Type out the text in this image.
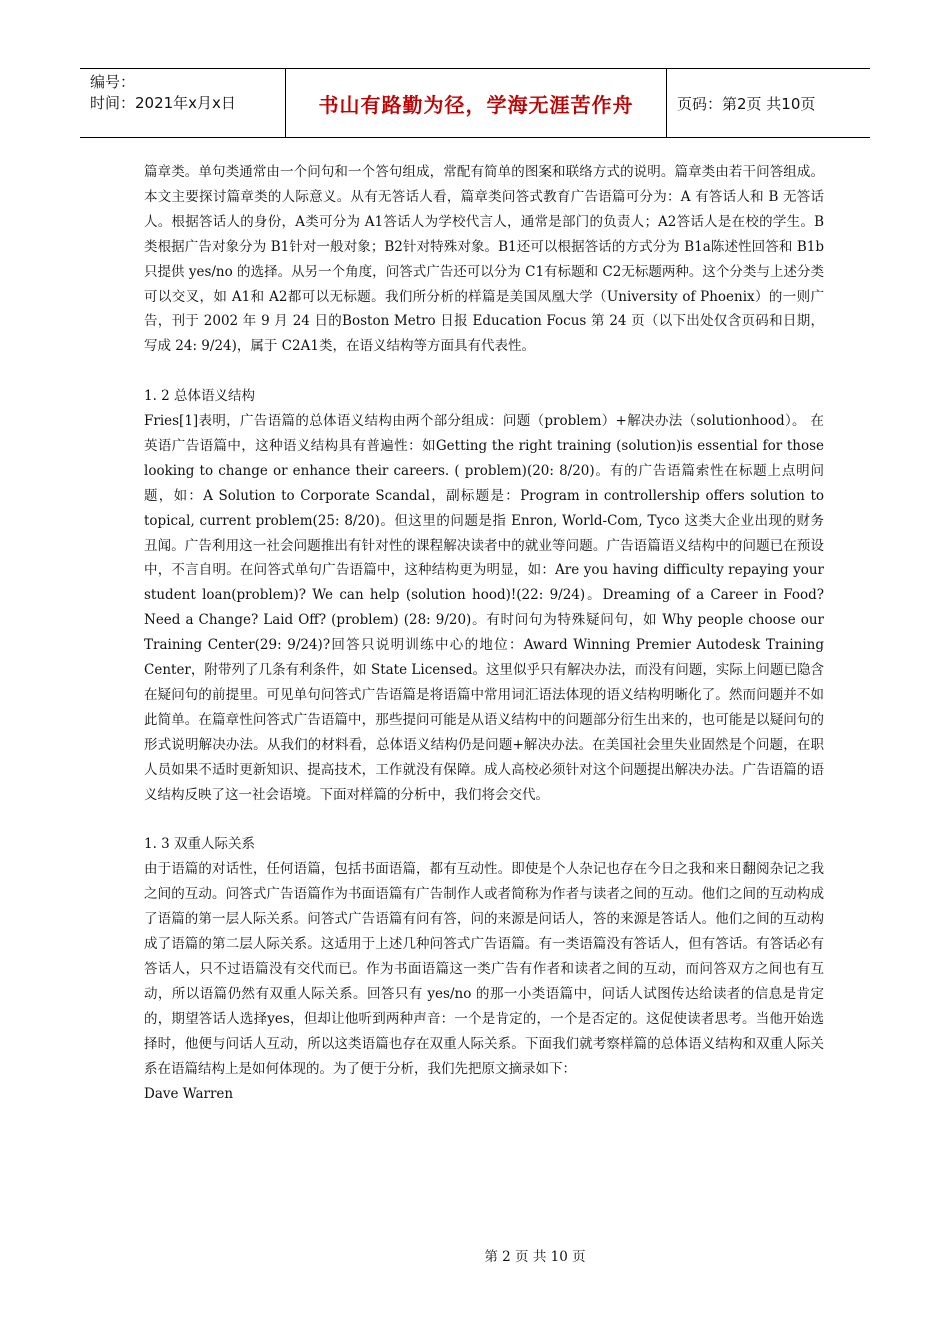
编号：
时间：2021年x月x日	书山有路勤为径，学海无涯苦作舟	页码：第2页 共10页

篇章类。单句类通常由一个问句和一个答句组成，常配有简单的图案和联络方式的说明。篇章类由若干问答组成。本文主要探讨篇章类的人际意义。从有无答话人看，篇章类问答式教育广告语篇可分为：A 有答话人和 B 无答话人。根据答话人的身份，A类可分为 A1答话人为学校代言人，通常是部门的负责人；A2答话人是在校的学生。B 类根据广告对象分为 B1针对一般对象；B2针对特殊对象。B1还可以根据答话的方式分为 B1a陈述性回答和 B1b只提供 yes/no 的选择。从另一个角度，问答式广告还可以分为 C1有标题和 C2无标题两种。这个分类与上述分类可以交叉，如 A1和 A2都可以无标题。我们所分析的样篇是美国凤凰大学（University of Phoenix）的一则广告，刊于 2002 年 9 月 24 日的Boston Metro 日报 Education Focus 第 24 页（以下出处仅含页码和日期，写成 24: 9/24)，属于 C2A1类，在语义结构等方面具有代表性。

1. 2 总体语义结构

Fries[1]表明，广告语篇的总体语义结构由两个部分组成：问题（problem）+解决办法（solutionhood）。 在英语广告语篇中，这种语义结构具有普遍性：如Getting the right training (solution)is essential for those looking to change or enhance their careers. ( problem)(20: 8/20)。有的广告语篇索性在标题上点明问题，如：A Solution to Corporate Scandal，副标题是：Program in controllership offers solution to topical, current problem(25: 8/20)。但这里的问题是指 Enron, World-Com, Tyco 这类大企业出现的财务丑闻。广告利用这一社会问题推出有针对性的课程解决读者中的就业等问题。广告语篇语义结构中的问题已在预设中，不言自明。在问答式单句广告语篇中，这种结构更为明显，如：Are you having difficulty repaying your student loan(problem)? We can help (solution hood)!(22: 9/24)。Dreaming of a Career in Food? Need a Change? Laid Off? (problem) (28: 9/20)。有时问句为特殊疑问句，如 Why people choose our Training Center(29: 9/24)?回答只说明训练中心的地位：Award Winning Premier Autodesk Training Center，附带列了几条有利条件，如 State Licensed。这里似乎只有解决办法，而没有问题，实际上问题已隐含在疑问句的前提里。可见单句问答式广告语篇是将语篇中常用词汇语法体现的语义结构明晰化了。然而问题并不如此简单。在篇章性问答式广告语篇中，那些提问可能是从语义结构中的问题部分衍生出来的，也可能是以疑问句的形式说明解决办法。从我们的材料看，总体语义结构仍是问题+解决办法。在美国社会里失业固然是个问题，在职人员如果不适时更新知识、提高技术，工作就没有保障。成人高校必须针对这个问题提出解决办法。广告语篇的语义结构反映了这一社会语境。下面对样篇的分析中，我们将会交代。

1. 3 双重人际关系

由于语篇的对话性，任何语篇，包括书面语篇，都有互动性。即使是个人杂记也存在今日之我和来日翻阅杂记之我之间的互动。问答式广告语篇作为书面语篇有广告制作人或者简称为作者与读者之间的互动。他们之间的互动构成了语篇的第一层人际关系。问答式广告语篇有问有答，问的来源是问话人，答的来源是答话人。他们之间的互动构成了语篇的第二层人际关系。这适用于上述几种问答式广告语篇。有一类语篇没有答话人，但有答话。有答话必有答话人，只不过语篇没有交代而已。作为书面语篇这一类广告有作者和读者之间的互动，而问答双方之间也有互动，所以语篇仍然有双重人际关系。回答只有 yes/no 的那一小类语篇中，问话人试图传达给读者的信息是肯定的，期望答话人选择yes，但却让他听到两种声音：一个是肯定的，一个是否定的。这促使读者思考。当他开始选择时，他便与问话人互动，所以这类语篇也存在双重人际关系。下面我们就考察样篇的总体语义结构和双重人际关系在语篇结构上是如何体现的。为了便于分析，我们先把原文摘录如下：

Dave Warren
第 2 页 共 10 页
